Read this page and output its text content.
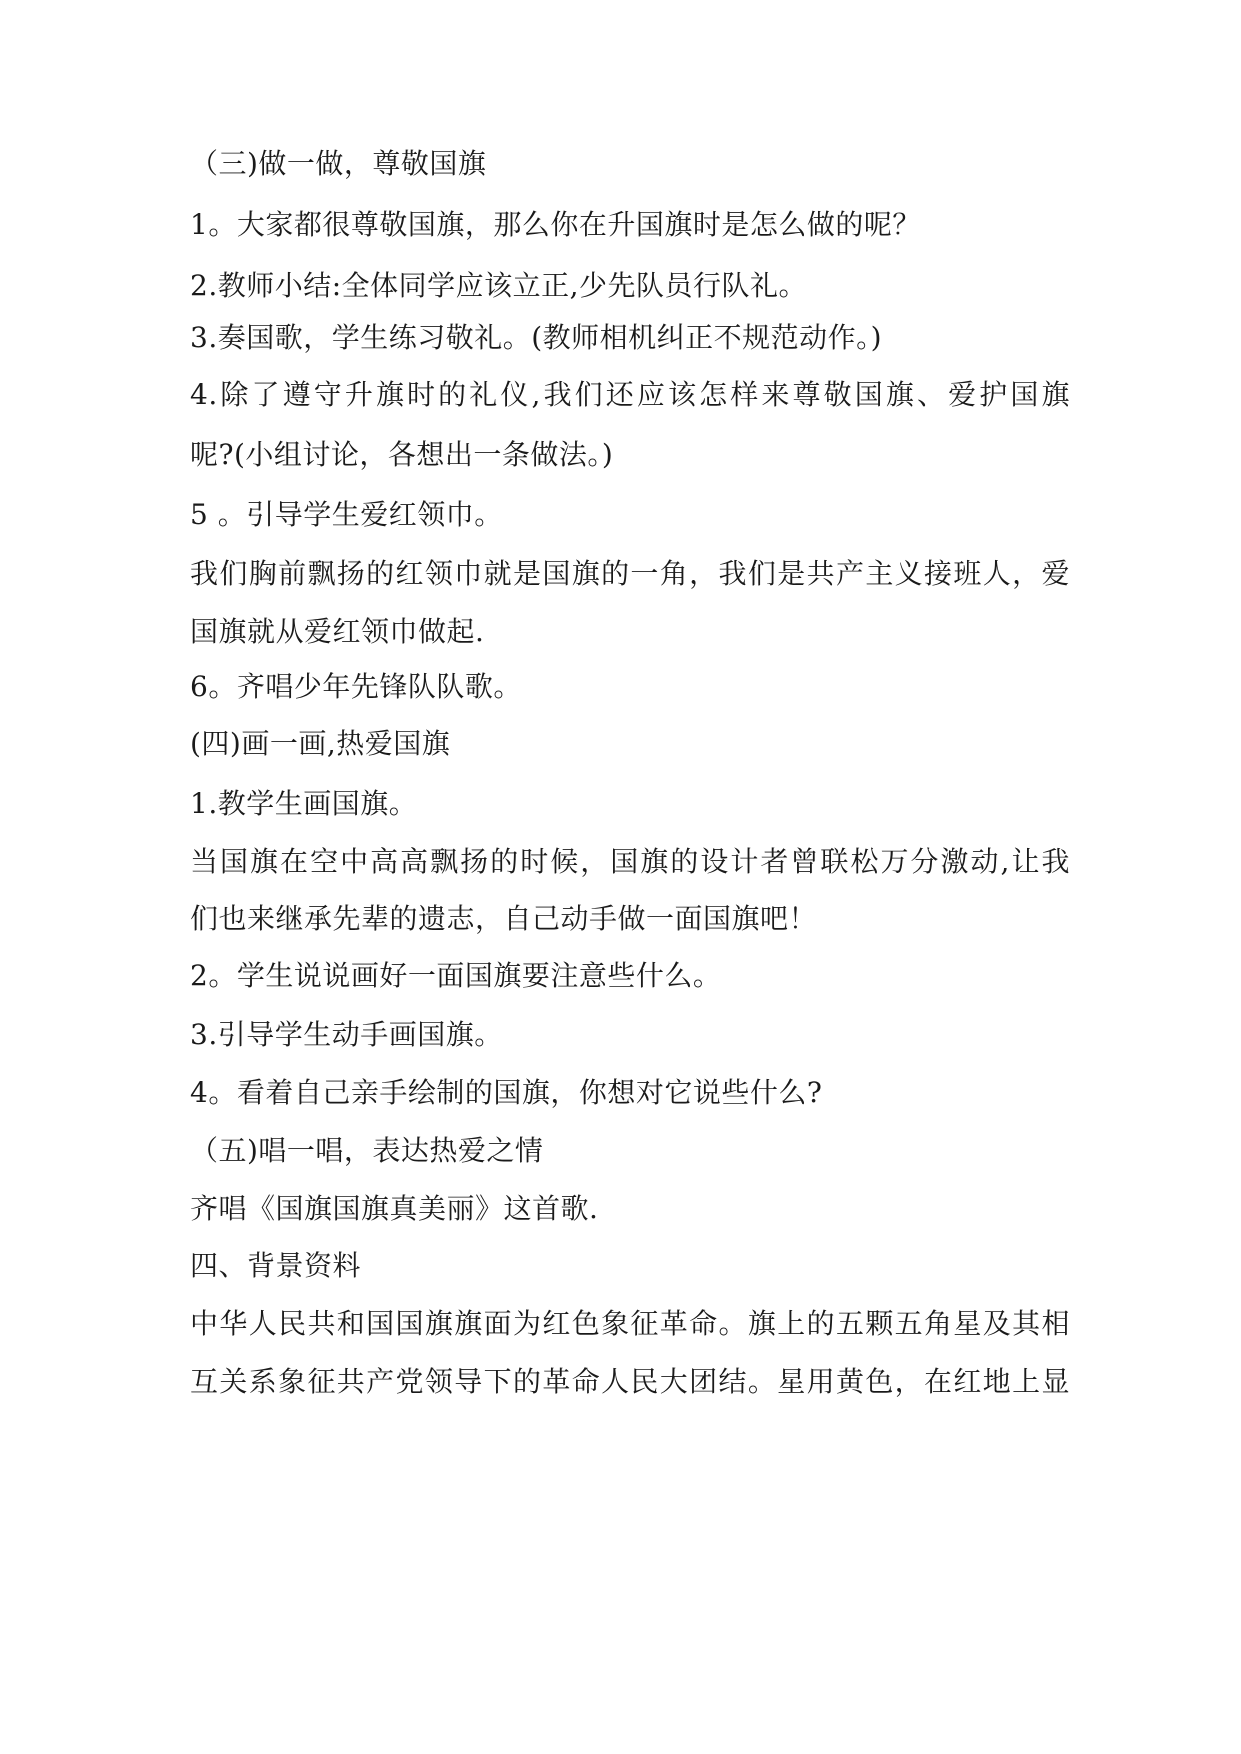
（三)做一做，尊敬国旗
1。大家都很尊敬国旗，那么你在升国旗时是怎么做的呢？
2.教师小结:全体同学应该立正,少先队员行队礼。
3.奏国歌，学生练习敬礼。(教师相机纠正不规范动作。)
4.除了遵守升旗时的礼仪,我们还应该怎样来尊敬国旗、爱护国旗
呢?(小组讨论，各想出一条做法。)
5 。引导学生爱红领巾。
我们胸前飘扬的红领巾就是国旗的一角，我们是共产主义接班人，爱
国旗就从爱红领巾做起.
6。齐唱少年先锋队队歌。
(四)画一画,热爱国旗
1.教学生画国旗。
当国旗在空中高高飘扬的时候，国旗的设计者曾联松万分激动,让我
们也来继承先辈的遗志，自己动手做一面国旗吧！
2。学生说说画好一面国旗要注意些什么。
3.引导学生动手画国旗。
4。看着自己亲手绘制的国旗，你想对它说些什么?
（五)唱一唱，表达热爱之情
齐唱《国旗国旗真美丽》这首歌.
四、背景资料
中华人民共和国国旗旗面为红色象征革命。旗上的五颗五角星及其相
互关系象征共产党领导下的革命人民大团结。星用黄色，在红地上显
